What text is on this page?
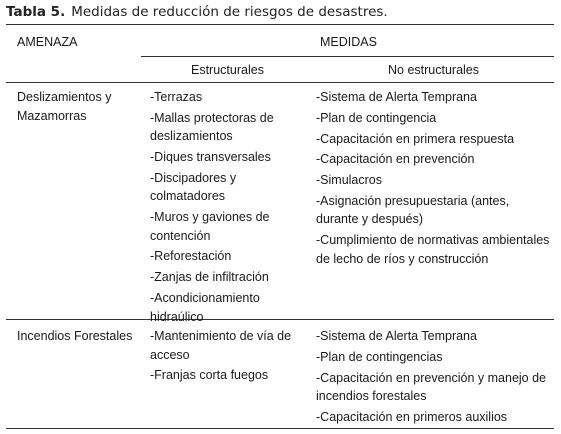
Tabla 5. Medidas de reducción de riesgos de desastres.
AMENAZA	MEDIDAS
Estructurales	No estructurales
Deslizamientos y
Mazamorras
-Terrazas
-Mallas protectoras de
deslizamientos
-Diques transversales
-Discipadores y
colmatadores
-Muros y gaviones de
contención
-Reforestación
-Zanjas de infiltración
-Acondicionamiento
hidraúlico
-Sistema de Alerta Temprana
-Plan de contingencia
-Capacitación en primera respuesta
-Capacitación en prevención
-Simulacros
-Asignación presupuestaria (antes,
durante y después)
-Cumplimiento de normativas ambientales
de lecho de ríos y construcción
Incendios Forestales -Mantenimiento de vía de
acceso
-Franjas corta fuegos
-Sistema de Alerta Temprana
-Plan de contingencias
-Capacitación en prevención y manejo de
incendios forestales
-Capacitación en primeros auxilios
